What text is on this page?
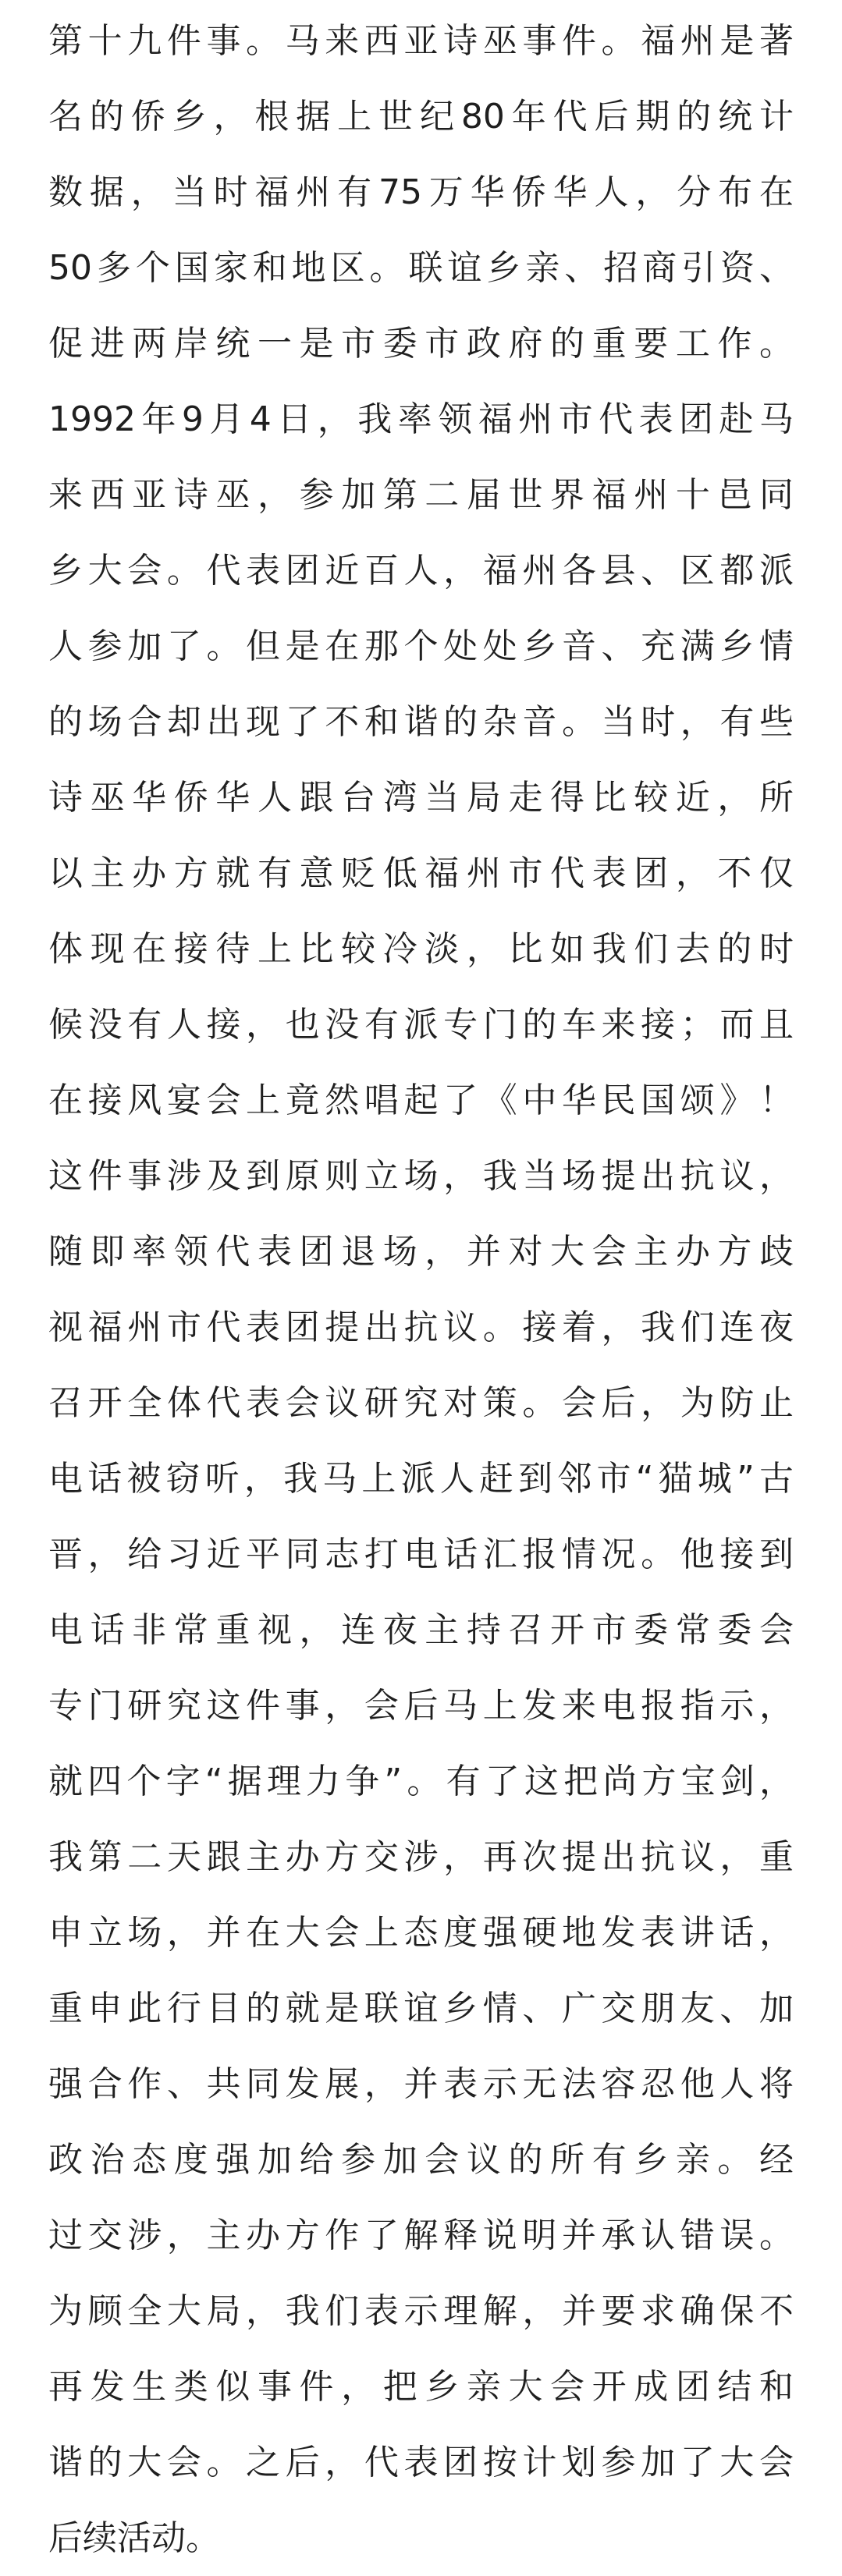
第十九件事。马来西亚诗巫事件。福州是著
名的侨乡，根据上世纪80年代后期的统计
数据，当时福州有75万华侨华人，分布在
50多个国家和地区。联谊乡亲、招商引资、
促进两岸统一是市委市政府的重要工作。
1992年9月4日，我率领福州市代表团赴马
来西亚诗巫，参加第二届世界福州十邑同
乡大会。代表团近百人，福州各县、区都派
人参加了。但是在那个处处乡音、充满乡情
的场合却出现了不和谐的杂音。当时，有些
诗巫华侨华人跟台湾当局走得比较近，所
以主办方就有意贬低福州市代表团，不仅
体现在接待上比较冷淡，比如我们去的时
候没有人接，也没有派专门的车来接；而且
在接风宴会上竟然唱起了《中华民国颂》！
这件事涉及到原则立场，我当场提出抗议，
随即率领代表团退场，并对大会主办方歧
视福州市代表团提出抗议。接着，我们连夜
召开全体代表会议研究对策。会后，为防止
电话被窃听，我马上派人赶到邻市“猫城”古
晋，给习近平同志打电话汇报情况。他接到
电话非常重视，连夜主持召开市委常委会
专门研究这件事，会后马上发来电报指示，
就四个字“据理力争”。有了这把尚方宝剑，
我第二天跟主办方交涉，再次提出抗议，重
申立场，并在大会上态度强硬地发表讲话，
重申此行目的就是联谊乡情、广交朋友、加
强合作、共同发展，并表示无法容忍他人将
政治态度强加给参加会议的所有乡亲。经
过交涉，主办方作了解释说明并承认错误。
为顾全大局，我们表示理解，并要求确保不
再发生类似事件，把乡亲大会开成团结和
谐的大会。之后，代表团按计划参加了大会
后续活动。
